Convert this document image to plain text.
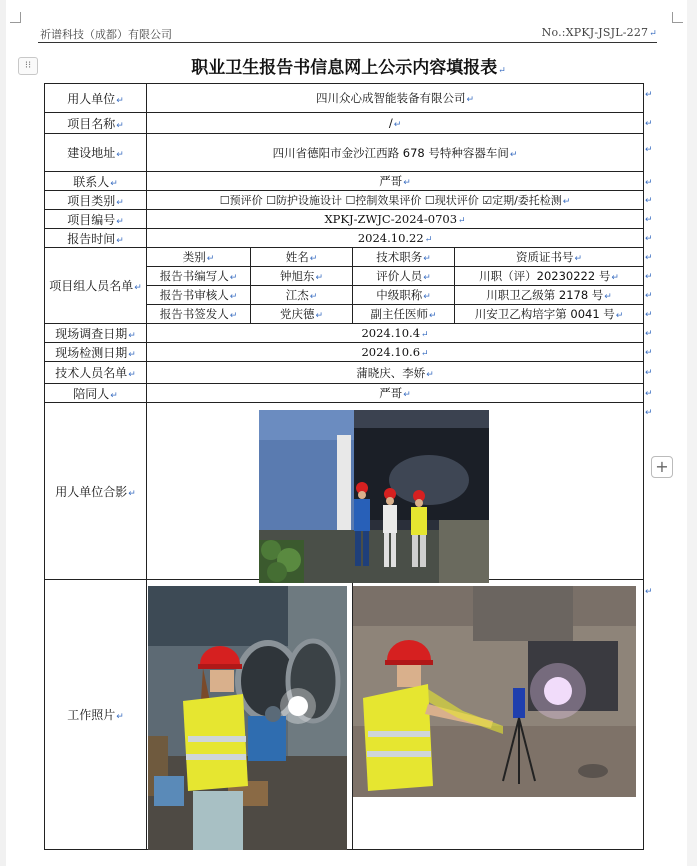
祈谱科技（成都）有限公司	No.:XPKJ-JSJL-227↵
⁝⁝
+
职业卫生报告书信息网上公示内容填报表↵
用人单位↵	四川众心成智能装备有限公司↵			
项目名称↵	/↵			
建设地址↵	四川省德阳市金沙江西路 678 号特种容器车间↵			
联系人↵	严哥↵			
项目类别↵	☐预评价 ☐防护设施设计 ☐控制效果评价 ☐现状评价 ☑定期/委托检测↵			
项目编号↵	XPKJ-ZWJC-2024-0703↵			
报告时间↵	2024.10.22↵			
项目组人员名单↵	类别↵	姓名↵	技术职务↵	资质证书号↵
	报告书编写人↵	钟旭东↵	评价人员↵	川职（评）20230222 号↵
	报告书审核人↵	江杰↵	中级职称↵	川职卫乙级第 2178 号↵
	报告书签发人↵	党庆德↵	副主任医师↵	川安卫乙构培字第 0041 号↵
现场调查日期↵	2024.10.4↵			
现场检测日期↵	2024.10.6↵			
技术人员名单↵	蒲晓庆、李娇↵			
陪同人↵	严哥↵			
用人单位合影↵				
工作照片↵				
↵
↵
↵
↵
↵
↵
↵
↵
↵
↵
↵
↵
↵
↵
↵
↵
↵
